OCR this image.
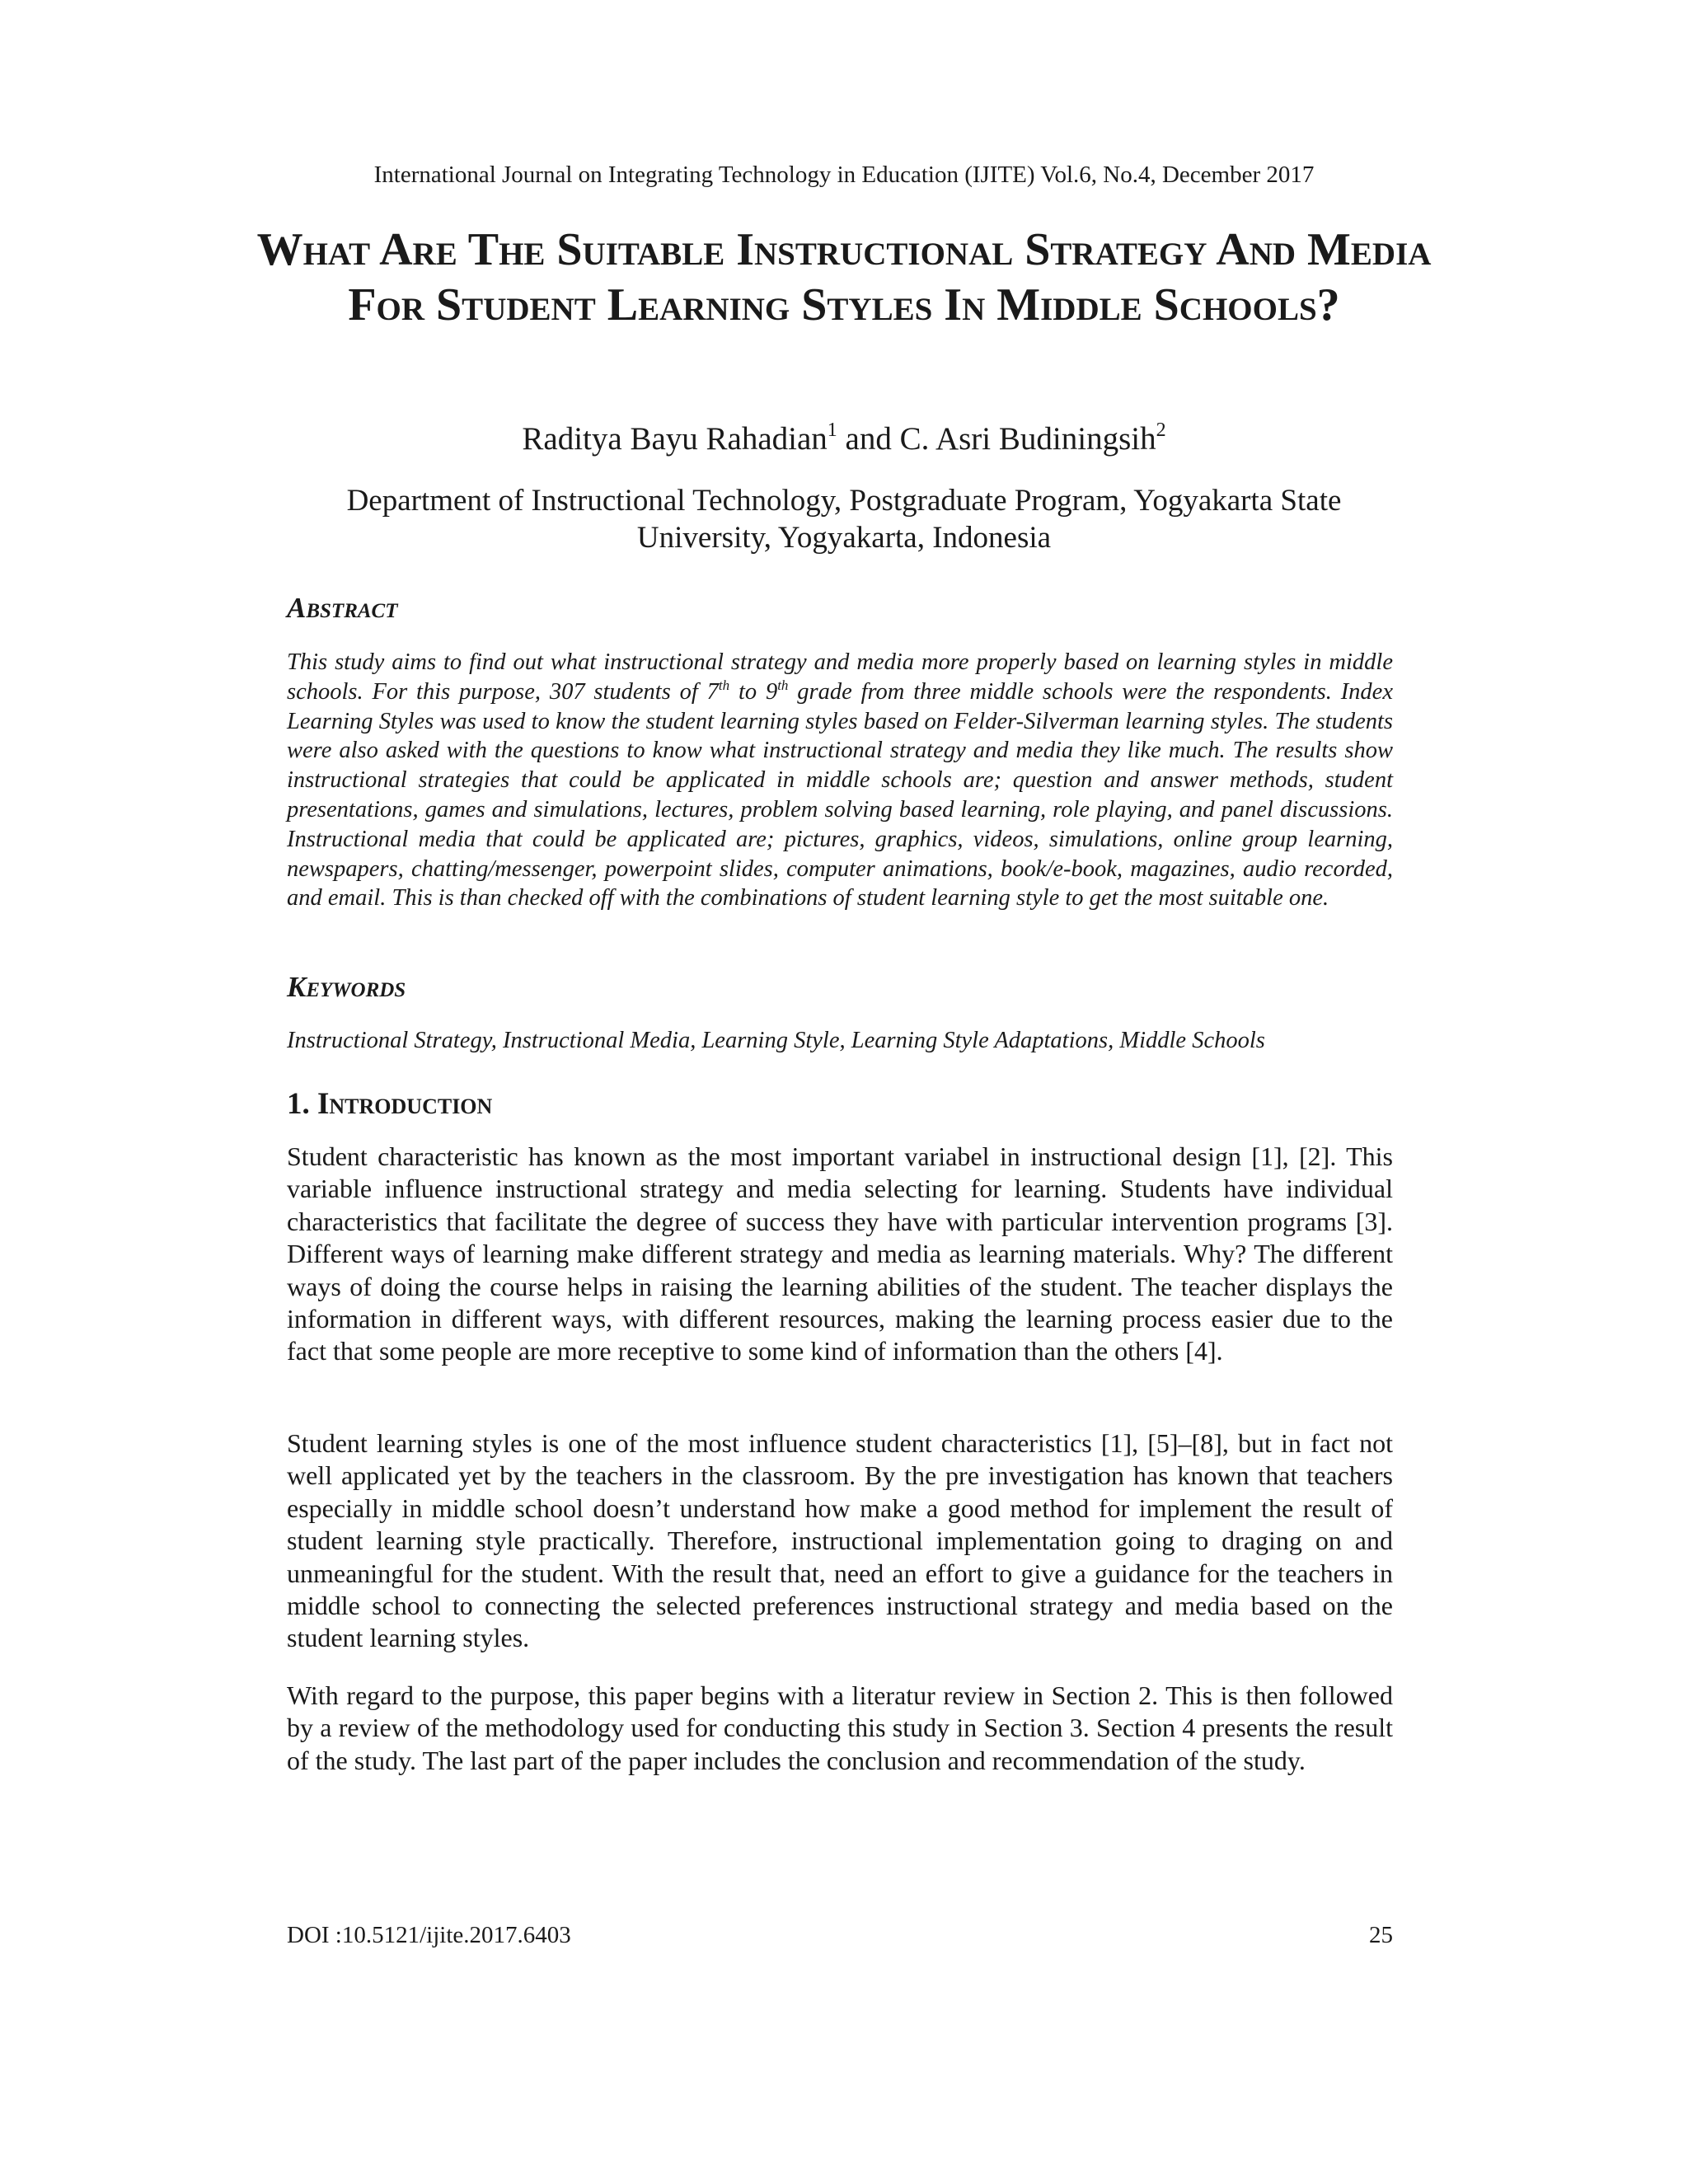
International Journal on Integrating Technology in Education (IJITE) Vol.6, No.4, December 2017
What Are The Suitable Instructional Strategy And Media For Student Learning Styles In Middle Schools?
Raditya Bayu Rahadian$^1$ and C. Asri Budiningsih$^2$
Department of Instructional Technology, Postgraduate Program, Yogyakarta State University, Yogyakarta, Indonesia
Abstract

This study aims to find out what instructional strategy and media more properly based on learning styles in middle schools. For this purpose, 307 students of 7th to 9th grade from three middle schools were the respondents. Index Learning Styles was used to know the student learning styles based on Felder-Silverman learning styles. The students were also asked with the questions to know what instructional strategy and media they like much. The results show instructional strategies that could be applicated in middle schools are; question and answer methods, student presentations, games and simulations, lectures, problem solving based learning, role playing, and panel discussions. Instructional media that could be applicated are; pictures, graphics, videos, simulations, online group learning, newspapers, chatting/messenger, powerpoint slides, computer animations, book/e-book, magazines, audio recorded, and email. This is than checked off with the combinations of student learning style to get the most suitable one.

Keywords

Instructional Strategy, Instructional Media, Learning Style, Learning Style Adaptations, Middle Schools

1. Introduction

Student characteristic has known as the most important variabel in instructional design [1], [2]. This variable influence instructional strategy and media selecting for learning. Students have individual characteristics that facilitate the degree of success they have with particular intervention programs [3]. Different ways of learning make different strategy and media as learning materials. Why? The different ways of doing the course helps in raising the learning abilities of the student. The teacher displays the information in different ways, with different resources, making the learning process easier due to the fact that some people are more receptive to some kind of information than the others [4].

Student learning styles is one of the most influence student characteristics [1], [5]–[8], but in fact not well applicated yet by the teachers in the classroom. By the pre investigation has known that teachers especially in middle school doesn’t understand how make a good method for implement the result of student learning style practically. Therefore, instructional implementation going to draging on and unmeaningful for the student. With the result that, need an effort to give a guidance for the teachers in middle school to connecting the selected preferences instructional strategy and media based on the student learning styles.

With regard to the purpose, this paper begins with a literatur review in Section 2. This is then followed by a review of the methodology used for conducting this study in Section 3. Section 4 presents the result of the study. The last part of the paper includes the conclusion and recommendation of the study.

DOI :10.5121/ijite.2017.6403	25
